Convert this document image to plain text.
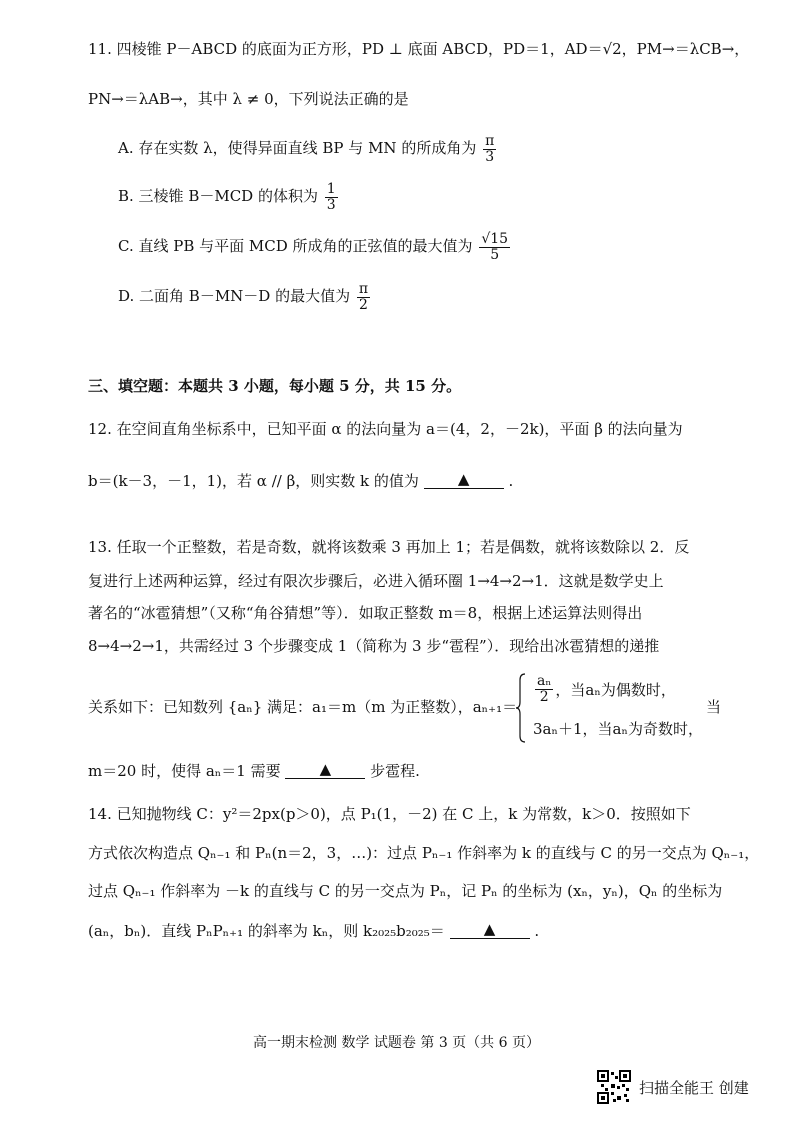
11. 四棱锥 P－ABCD 的底面为正方形，PD ⊥ 底面 ABCD，PD＝1，AD＝√2，PM→＝λCB→，
PN→＝λAB→，其中 λ ≠ 0，下列说法正确的是
A. 存在实数 λ，使得异面直线 BP 与 MN 的所成角为 $\frac{\pi}{3}$
B. 三棱锥 B－MCD 的体积为 $\frac{1}{3}$
C. 直线 PB 与平面 MCD 所成角的正弦值的最大值为 $\frac{√15}{5}$
D. 二面角 B－MN－D 的最大值为 $\frac{\pi}{2}$
三、填空题：本题共 3 小题，每小题 5 分，共 15 分。
12. 在空间直角坐标系中，已知平面 α 的法向量为 a＝(4，2，－2k)，平面 β 的法向量为
b＝(k－3，－1，1)，若 α // β，则实数 k 的值为	▲	.
13. 任取一个正整数，若是奇数，就将该数乘 3 再加上 1；若是偶数，就将该数除以 2．反
复进行上述两种运算，经过有限次步骤后，必进入循环圈 1→4→2→1．这就是数学史上
著名的“冰雹猜想”（又称“角谷猜想”等）．如取正整数 m＝8，根据上述运算法则得出
8→4→2→1，共需经过 3 个步骤变成 1（简称为 3 步“雹程”）．现给出冰雹猜想的递推
关系如下：已知数列 {aₙ} 满足：a₁＝m（m 为正整数），aₙ₊₁＝
$\frac{\text{aₙ}}{2}$ ，当aₙ为偶数时，
3aₙ＋1，当aₙ为奇数时，
当
m＝20 时，使得 aₙ＝1 需要	▲	步雹程.
14. 已知抛物线 C：y²＝2px(p＞0)，点 P₁(1，－2) 在 C 上，k 为常数，k＞0．按照如下
方式依次构造点 Qₙ₋₁ 和 Pₙ(n＝2，3，…)：过点 Pₙ₋₁ 作斜率为 k 的直线与 C 的另一交点为 Qₙ₋₁，
过点 Qₙ₋₁ 作斜率为 －k 的直线与 C 的另一交点为 Pₙ，记 Pₙ 的坐标为 (xₙ，yₙ)，Qₙ 的坐标为
(aₙ，bₙ)．直线 PₙPₙ₊₁ 的斜率为 kₙ，则 k₂₀₂₅b₂₀₂₅＝	▲	.
高一期末检测 数学 试题卷 第 3 页（共 6 页）
扫描全能王 创建
